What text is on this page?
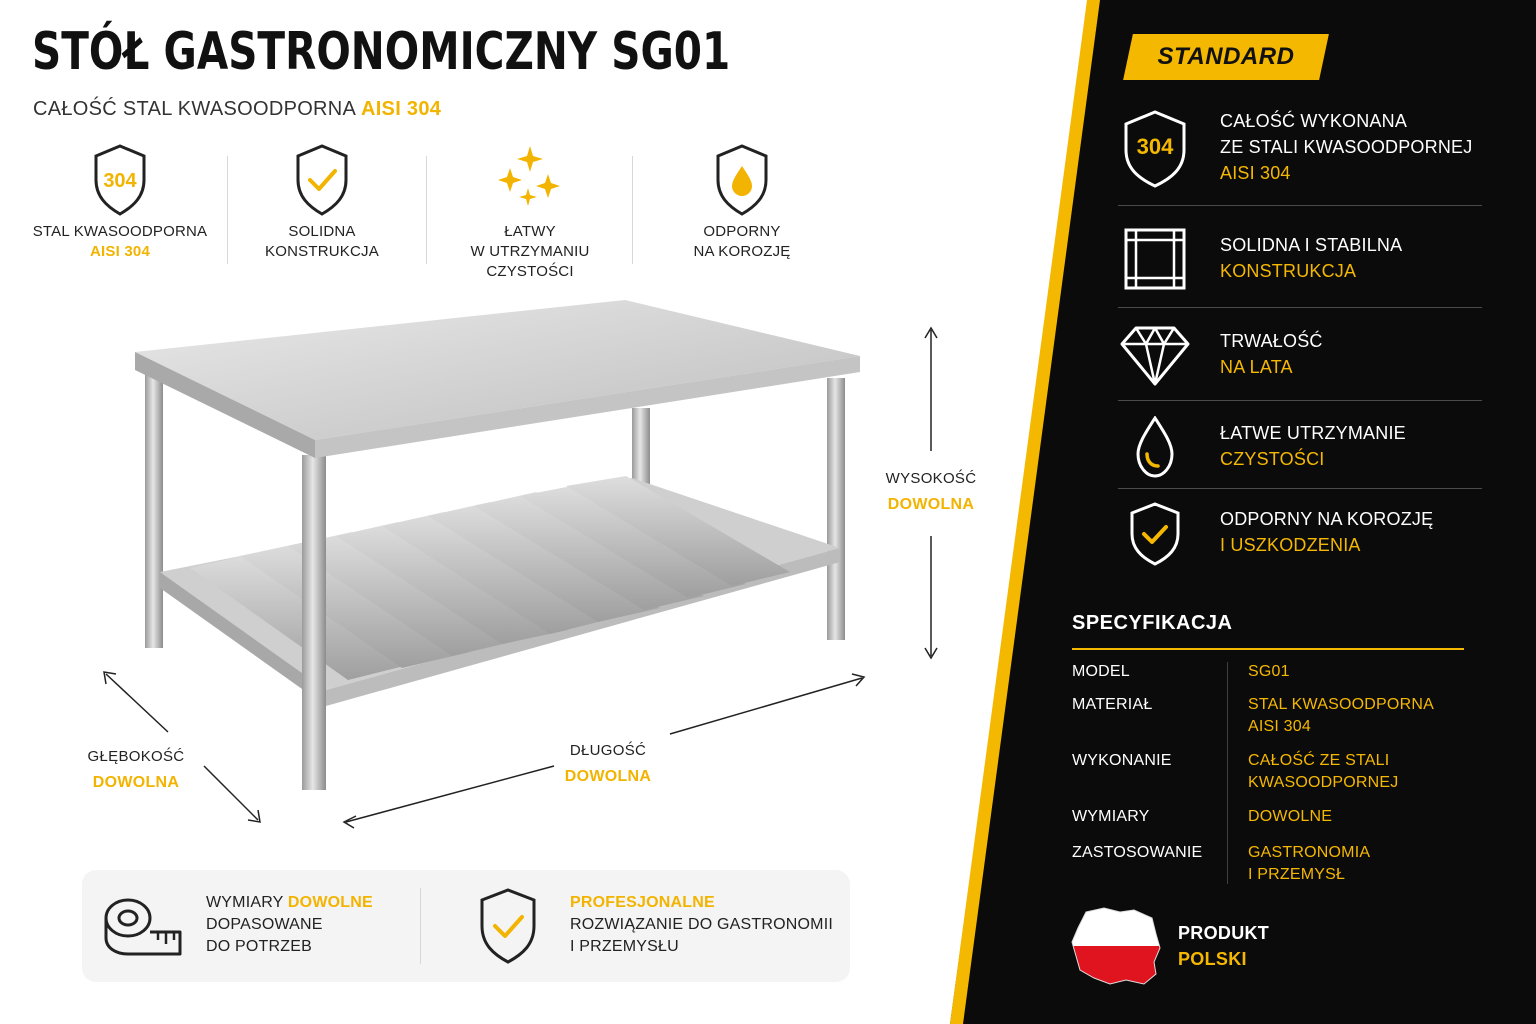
STÓŁ GASTRONOMICZNY SG01
CAŁOŚĆ STAL KWASOODPORNA AISI 304
304
STAL KWASOODPORNA
AISI 304
SOLIDNA
KONSTRUKCJA
ŁATWY
W UTRZYMANIU
CZYSTOŚCI
ODPORNY
NA KOROZJĘ
WYSOKOŚĆ
DOWOLNA
GŁĘBOKOŚĆ
DOWOLNA
DŁUGOŚĆ
DOWOLNA
WYMIARY DOWOLNE
DOPASOWANE
DO POTRZEB
PROFESJONALNE
ROZWIĄZANIE DO GASTRONOMII
I PRZEMYSŁU
STANDARD
304
CAŁOŚĆ WYKONANA
ZE STALI KWASOODPORNEJ
AISI 304
SOLIDNA I STABILNA
KONSTRUKCJA
TRWAŁOŚĆ
NA LATA
ŁATWE UTRZYMANIE
CZYSTOŚCI
ODPORNY NA KOROZJĘ
I USZKODZENIA
SPECYFIKACJA
MODEL	SG01
MATERIAŁ	STAL KWASOODPORNA
AISI 304
WYKONANIE	CAŁOŚĆ ZE STALI
KWASOODPORNEJ
WYMIARY	DOWOLNE
ZASTOSOWANIE	GASTRONOMIA
I PRZEMYSŁ
PRODUKT
POLSKI
